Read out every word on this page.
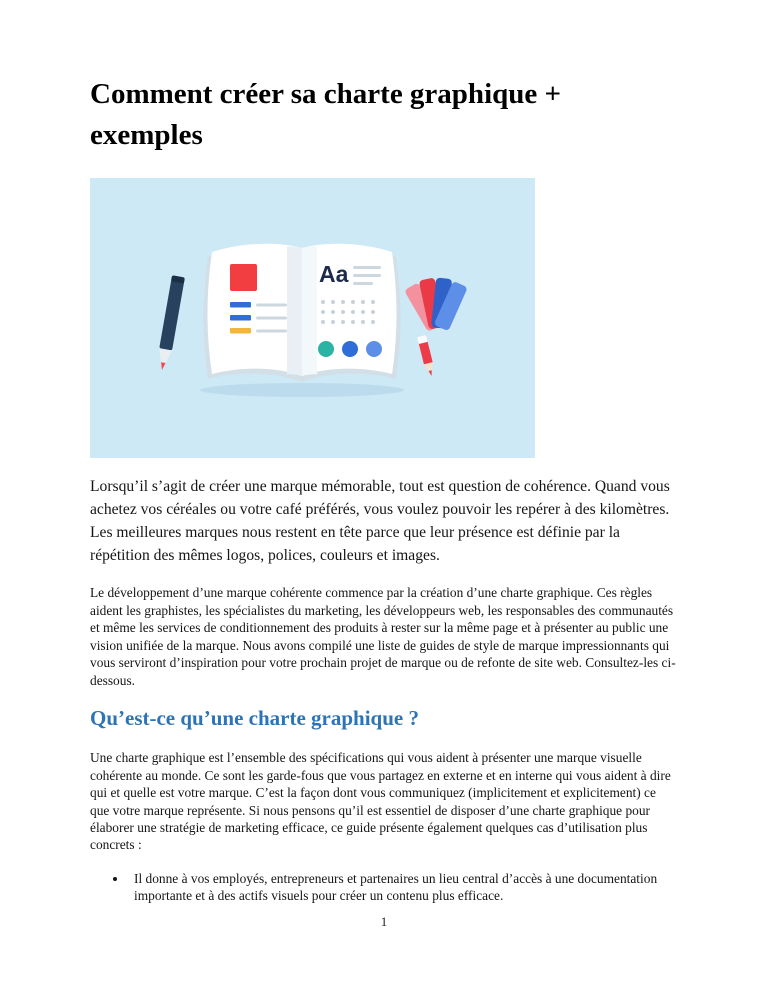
Comment créer sa charte graphique + exemples
Aa

Lorsqu’il s’agit de créer une marque mémorable, tout est question de cohérence. Quand vous achetez vos céréales ou votre café préférés, vous voulez pouvoir les repérer à des kilomètres. Les meilleures marques nous restent en tête parce que leur présence est définie par la répétition des mêmes logos, polices, couleurs et images.

Le développement d’une marque cohérente commence par la création d’une charte graphique. Ces règles aident les graphistes, les spécialistes du marketing, les développeurs web, les responsables des communautés et même les services de conditionnement des produits à rester sur la même page et à présenter au public une vision unifiée de la marque. Nous avons compilé une liste de guides de style de marque impressionnants qui vous serviront d’inspiration pour votre prochain projet de marque ou de refonte de site web. Consultez-les ci-dessous.

Qu’est-ce qu’une charte graphique ?

Une charte graphique est l’ensemble des spécifications qui vous aident à présenter une marque visuelle cohérente au monde. Ce sont les garde-fous que vous partagez en externe et en interne qui vous aident à dire qui et quelle est votre marque. C’est la façon dont vous communiquez (implicitement et explicitement) ce que votre marque représente. Si nous pensons qu’il est essentiel de disposer d’une charte graphique pour élaborer une stratégie de marketing efficace, ce guide présente également quelques cas d’utilisation plus concrets :

• Il donne à vos employés, entrepreneurs et partenaires un lieu central d’accès à une documentation importante et à des actifs visuels pour créer un contenu plus efficace.
1
